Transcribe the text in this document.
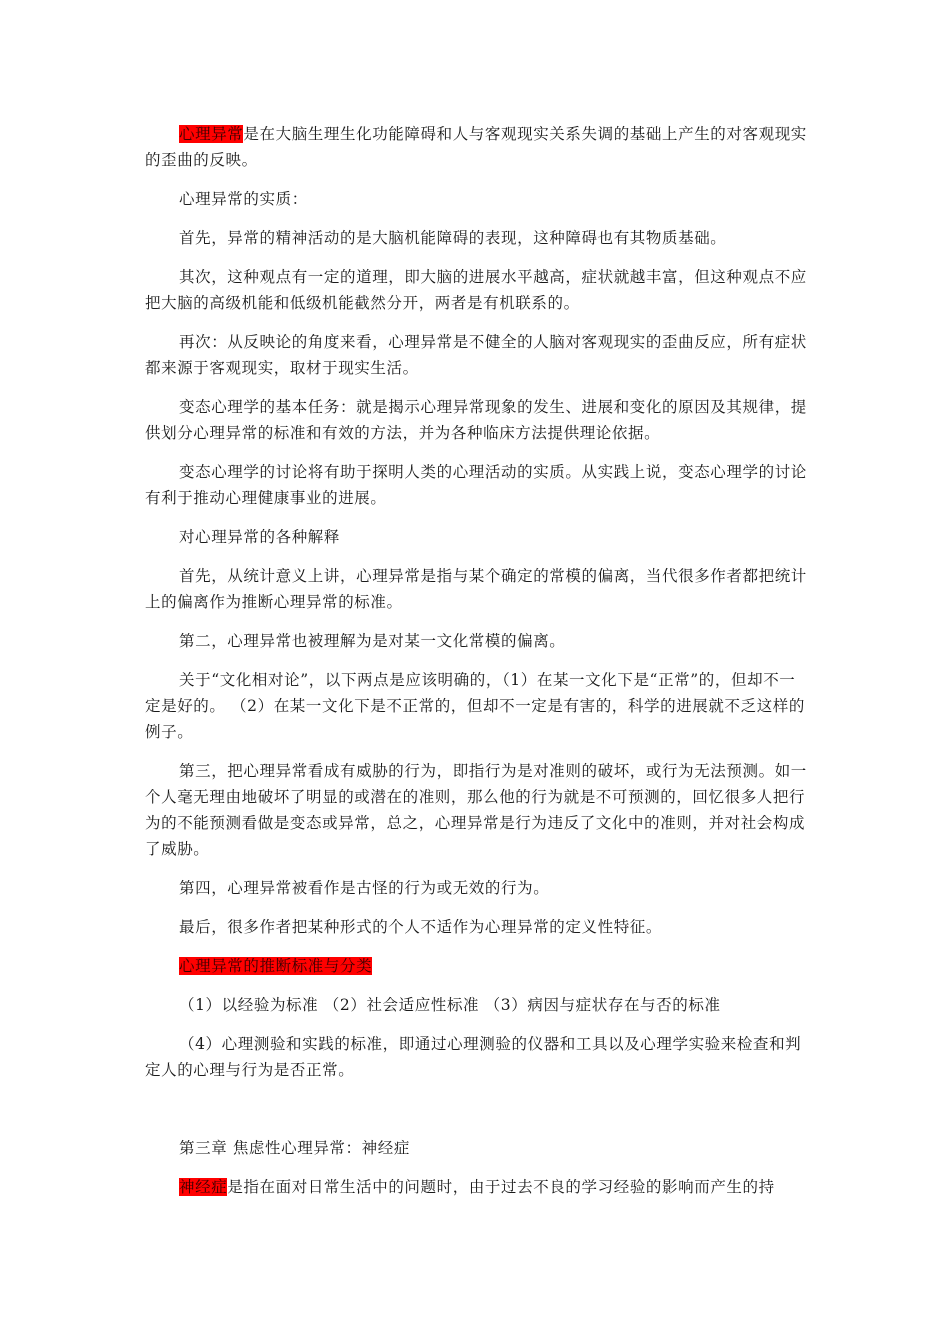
心理异常是在大脑生理生化功能障碍和人与客观现实关系失调的基础上产生的对客观现实的歪曲的反映。

心理异常的实质：

首先，异常的精神活动的是大脑机能障碍的表现，这种障碍也有其物质基础。

其次，这种观点有一定的道理，即大脑的进展水平越高，症状就越丰富，但这种观点不应把大脑的高级机能和低级机能截然分开，两者是有机联系的。

再次：从反映论的角度来看，心理异常是不健全的人脑对客观现实的歪曲反应，所有症状都来源于客观现实，取材于现实生活。

变态心理学的基本任务：就是揭示心理异常现象的发生、进展和变化的原因及其规律，提供划分心理异常的标准和有效的方法，并为各种临床方法提供理论依据。

变态心理学的讨论将有助于探明人类的心理活动的实质。从实践上说，变态心理学的讨论有利于推动心理健康事业的进展。

对心理异常的各种解释

首先，从统计意义上讲，心理异常是指与某个确定的常模的偏离，当代很多作者都把统计上的偏离作为推断心理异常的标准。

第二，心理异常也被理解为是对某一文化常模的偏离。

关于“文化相对论”，以下两点是应该明确的，（1）在某一文化下是“正常”的，但却不一定是好的。 （2）在某一文化下是不正常的，但却不一定是有害的，科学的进展就不乏这样的例子。

第三，把心理异常看成有威胁的行为，即指行为是对准则的破坏，或行为无法预测。如一个人毫无理由地破坏了明显的或潜在的准则，那么他的行为就是不可预测的，回忆很多人把行为的不能预测看做是变态或异常，总之，心理异常是行为违反了文化中的准则，并对社会构成了威胁。

第四，心理异常被看作是古怪的行为或无效的行为。

最后，很多作者把某种形式的个人不适作为心理异常的定义性特征。

心理异常的推断标准与分类

（1）以经验为标准 （2）社会适应性标准 （3）病因与症状存在与否的标准

（4）心理测验和实践的标准，即通过心理测验的仪器和工具以及心理学实验来检查和判定人的心理与行为是否正常。

第三章 焦虑性心理异常：神经症

神经症是指在面对日常生活中的问题时，由于过去不良的学习经验的影响而产生的持
